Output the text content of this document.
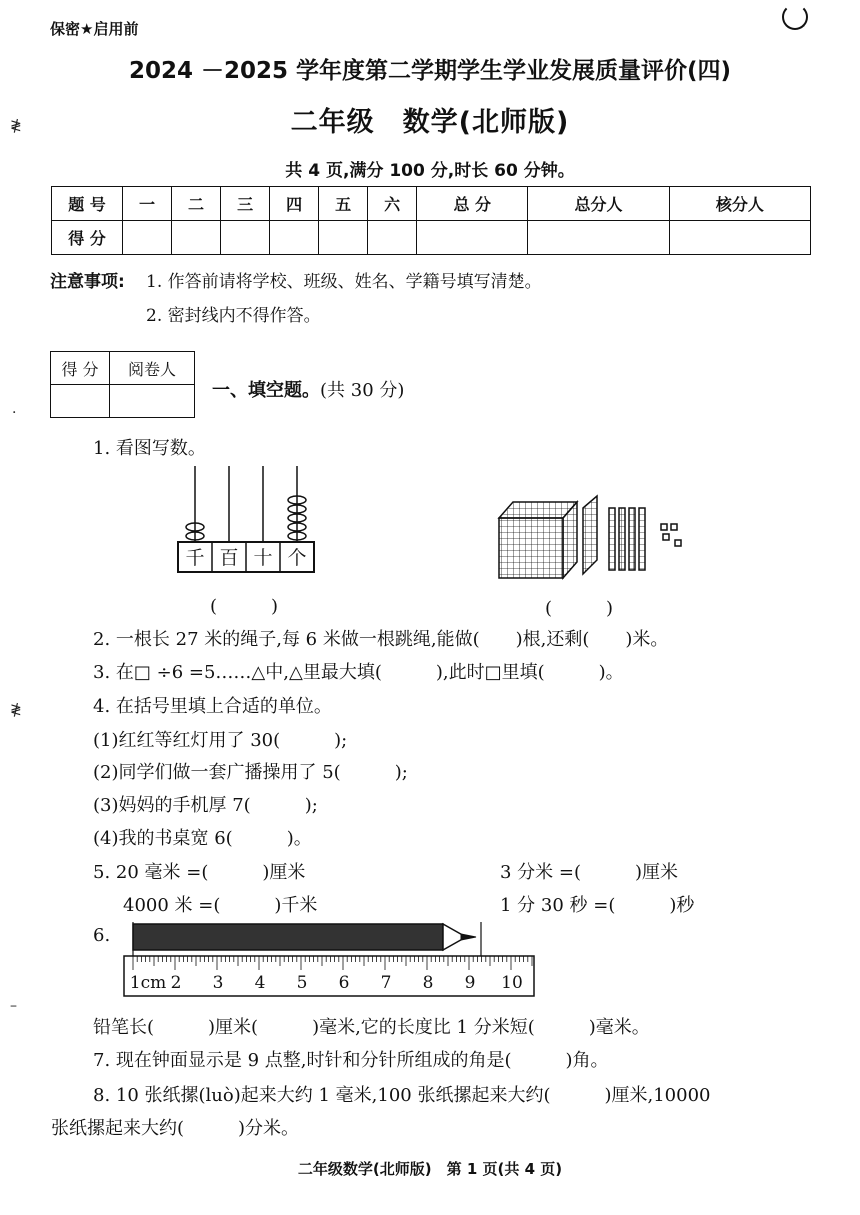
保密★启用前
2024 －2025 学年度第二学期学生学业发展质量评价(四)
二年级　数学(北师版)
共 4 页,满分 100 分,时长 60 分钟。
题 号	一	二	三	四	五	六	总 分	总分人	核分人
得 分									
注意事项: 1. 作答前请将学校、班级、姓名、学籍号填写清楚。
2. 密封线内不得作答。
≹
·
≹
–
得 分	阅卷人

一、填空题。(共 30 分)
1. 看图写数。
千 百 十 个
(　　　)	(　　　)
2. 一根长 27 米的绳子,每 6 米做一根跳绳,能做(　　)根,还剩(　　)米。
3. 在□ ÷6 =5……△中,△里最大填(　　　),此时□里填(　　　)。
4. 在括号里填上合适的单位。
(1)红红等红灯用了 30(　　　);
(2)同学们做一套广播操用了 5(　　　);
(3)妈妈的手机厚 7(　　　);
(4)我的书桌宽 6(　　　)。
5. 20 毫米 =(　　　)厘米	3 分米 =(　　　)厘米
4000 米 =(　　　)千米	1 分 30 秒 =(　　　)秒
6.
1cm 2 3 4 5 6 7 8 9 10
铅笔长(　　　)厘米(　　　)毫米,它的长度比 1 分米短(　　　)毫米。
7. 现在钟面显示是 9 点整,时针和分针所组成的角是(　　　)角。
8. 10 张纸摞(luò)起来大约 1 毫米,100 张纸摞起来大约(　　　)厘米,10000
张纸摞起来大约(　　　)分米。
二年级数学(北师版)　第 1 页(共 4 页)
